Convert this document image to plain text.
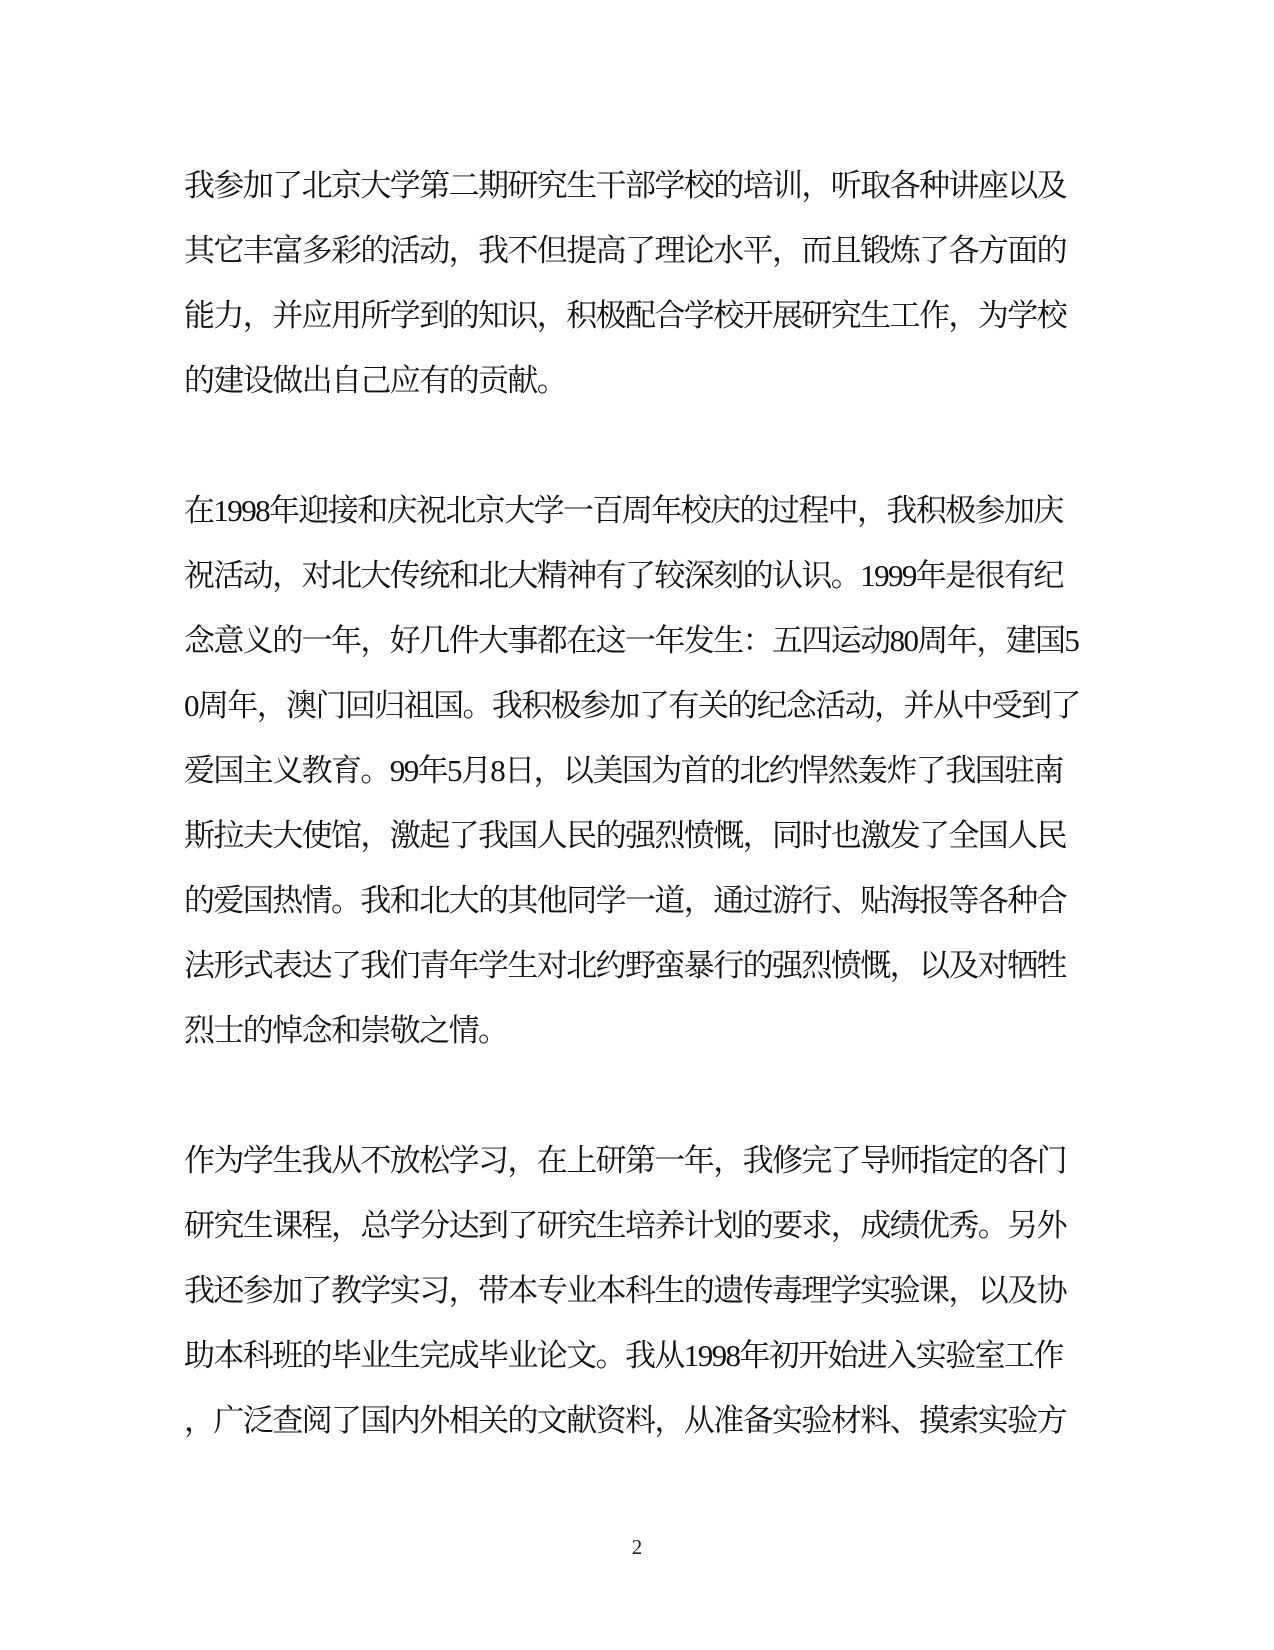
我参加了北京大学第二期研究生干部学校的培训，听取各种讲座以及
其它丰富多彩的活动，我不但提高了理论水平，而且锻炼了各方面的
能力，并应用所学到的知识，积极配合学校开展研究生工作，为学校
的建设做出自己应有的贡献。
在1998年迎接和庆祝北京大学一百周年校庆的过程中，我积极参加庆
祝活动，对北大传统和北大精神有了较深刻的认识。1999年是很有纪
念意义的一年，好几件大事都在这一年发生：五四运动80周年，建国5
0周年，澳门回归祖国。我积极参加了有关的纪念活动，并从中受到了
爱国主义教育。99年5月8日，以美国为首的北约悍然轰炸了我国驻南
斯拉夫大使馆，激起了我国人民的强烈愤慨，同时也激发了全国人民
的爱国热情。我和北大的其他同学一道，通过游行、贴海报等各种合
法形式表达了我们青年学生对北约野蛮暴行的强烈愤慨，以及对牺牲
烈士的悼念和崇敬之情。
作为学生我从不放松学习，在上研第一年，我修完了导师指定的各门
研究生课程，总学分达到了研究生培养计划的要求，成绩优秀。另外
我还参加了教学实习，带本专业本科生的遗传毒理学实验课，以及协
助本科班的毕业生完成毕业论文。我从1998年初开始进入实验室工作
，广泛查阅了国内外相关的文献资料，从准备实验材料、摸索实验方
2
